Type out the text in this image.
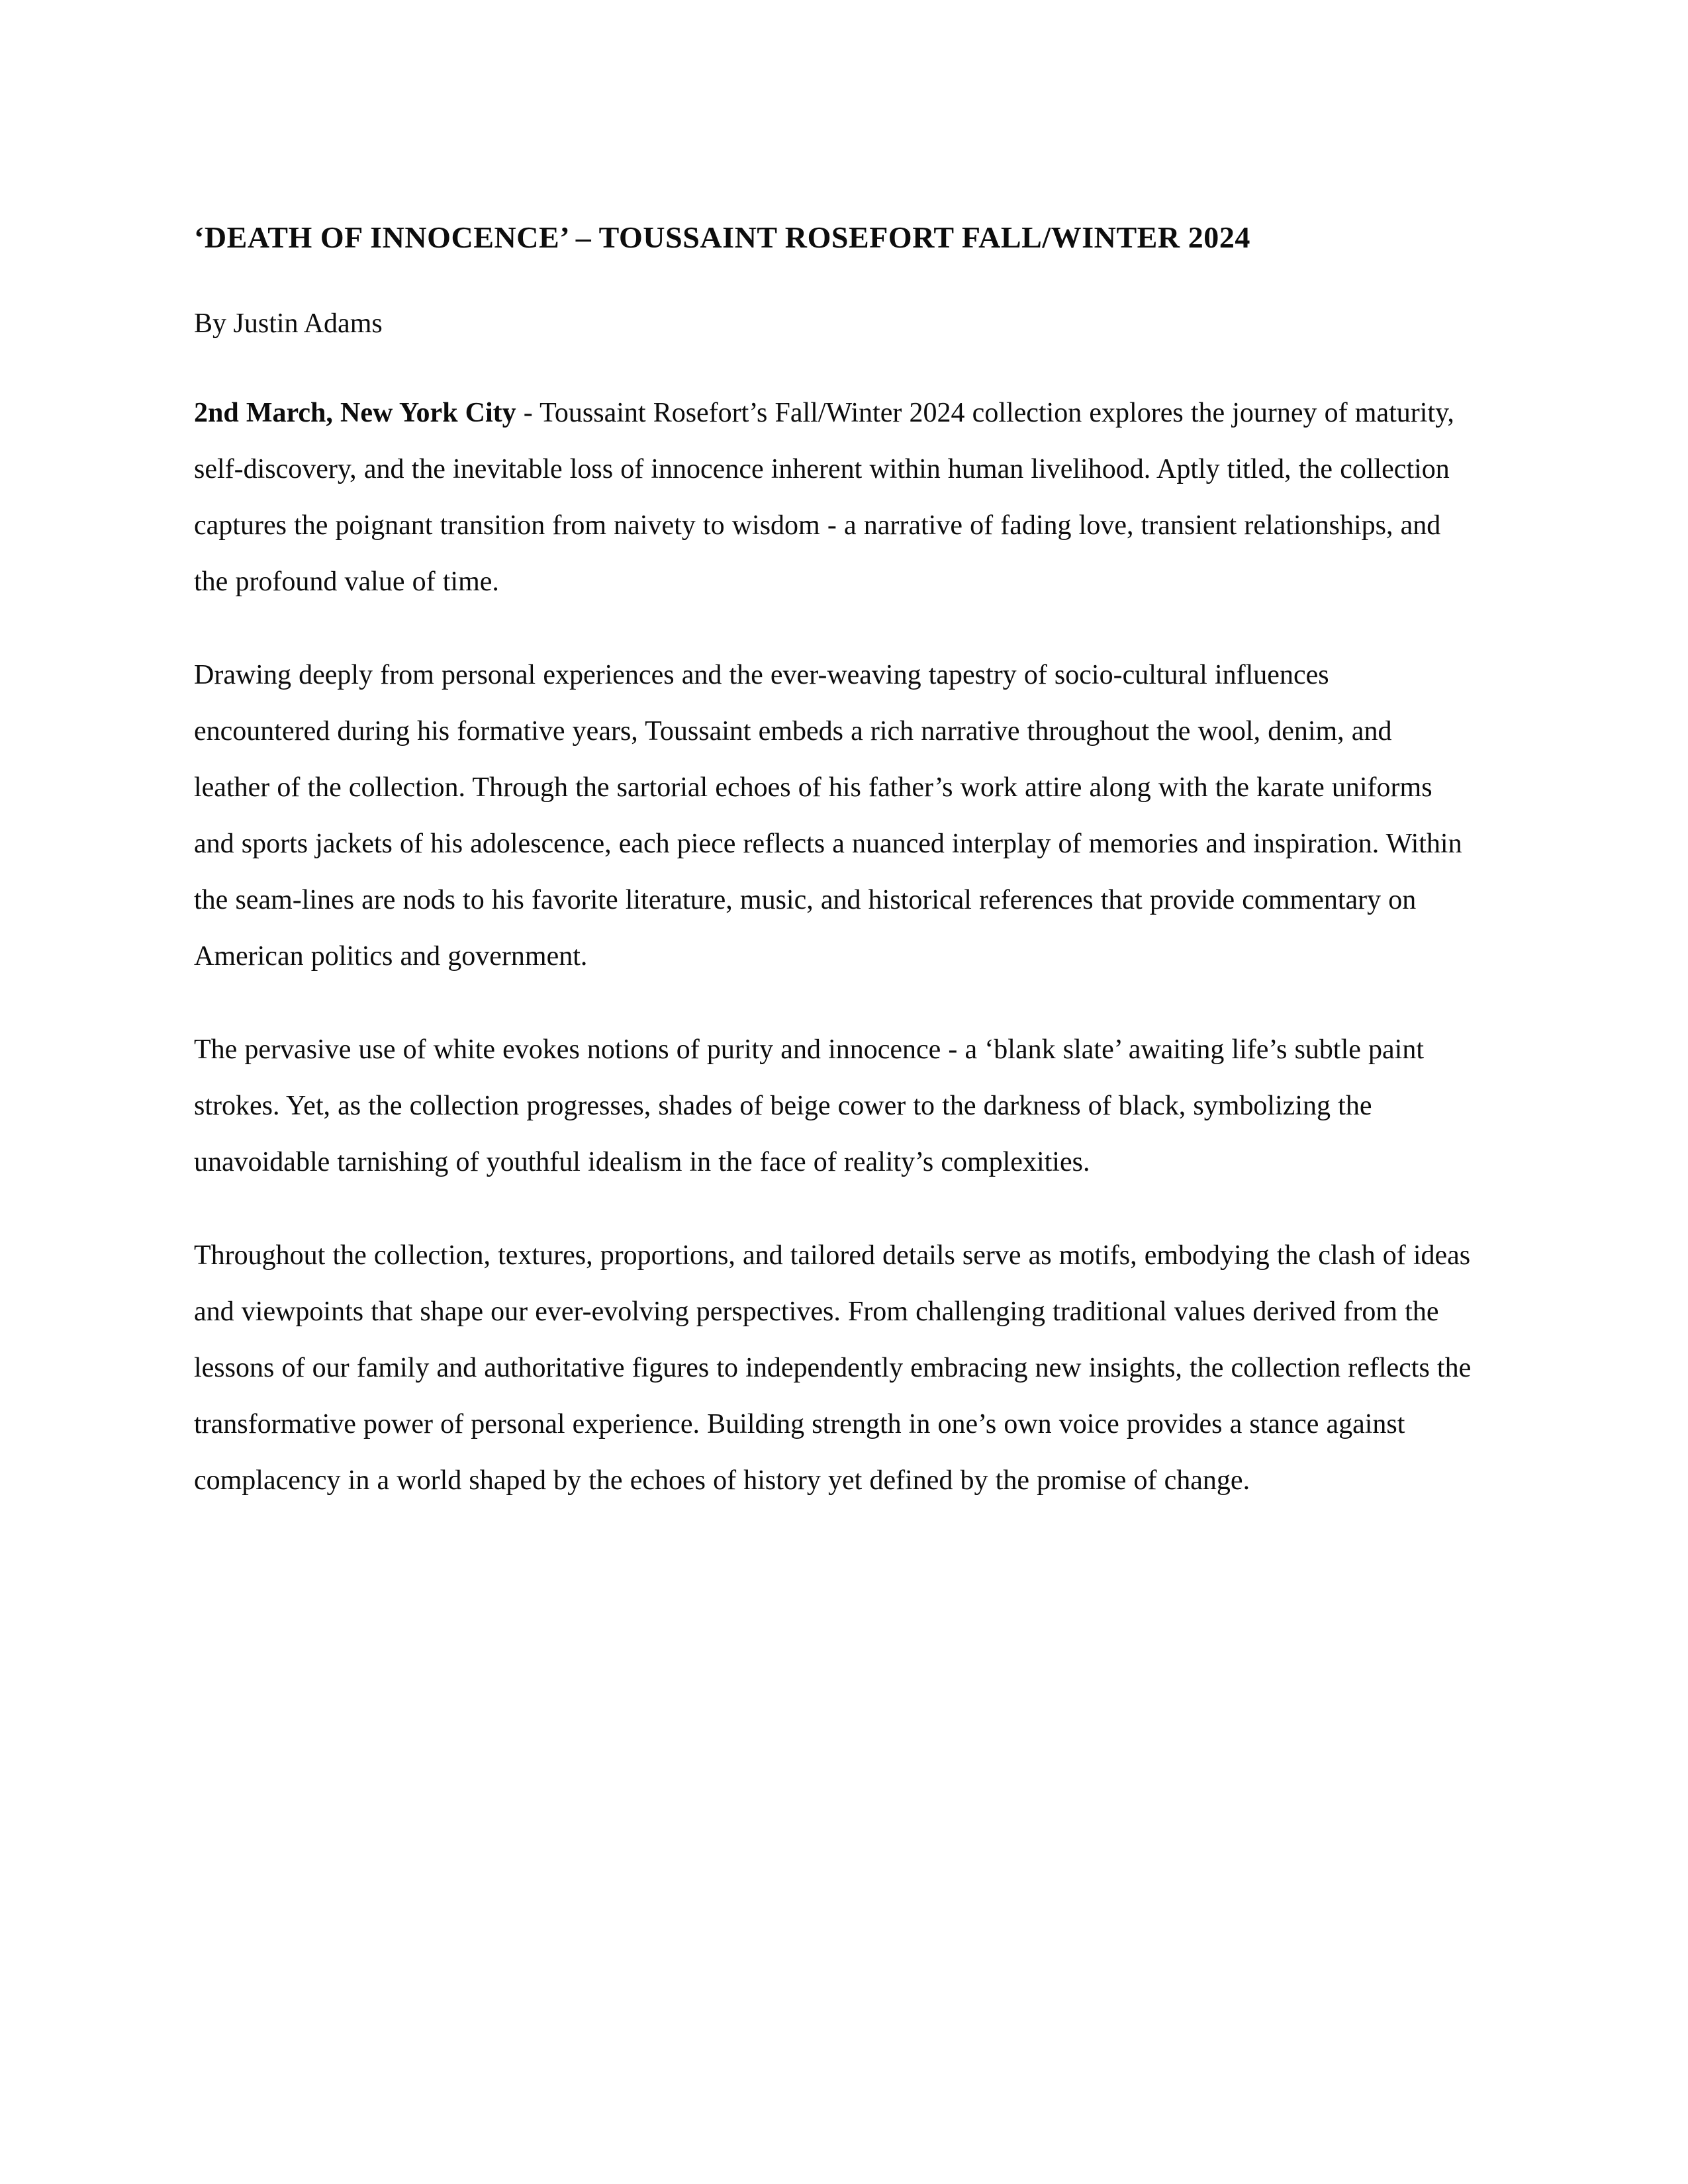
‘DEATH OF INNOCENCE’ – TOUSSAINT ROSEFORT FALL/WINTER 2024

By Justin Adams

2nd March, New York City - Toussaint Rosefort’s Fall/Winter 2024 collection explores the journey of maturity, self-discovery, and the inevitable loss of innocence inherent within human livelihood. Aptly titled, the collection captures the poignant transition from naivety to wisdom - a narrative of fading love, transient relationships, and the profound value of time.

Drawing deeply from personal experiences and the ever-weaving tapestry of socio-cultural influences encountered during his formative years, Toussaint embeds a rich narrative throughout the wool, denim, and leather of the collection. Through the sartorial echoes of his father’s work attire along with the karate uniforms and sports jackets of his adolescence, each piece reflects a nuanced interplay of memories and inspiration. Within the seam-lines are nods to his favorite literature, music, and historical references that provide commentary on American politics and government.

The pervasive use of white evokes notions of purity and innocence - a ‘blank slate’ awaiting life’s subtle paint strokes. Yet, as the collection progresses, shades of beige cower to the darkness of black, symbolizing the unavoidable tarnishing of youthful idealism in the face of reality’s complexities.

Throughout the collection, textures, proportions, and tailored details serve as motifs, embodying the clash of ideas and viewpoints that shape our ever-evolving perspectives. From challenging traditional values derived from the lessons of our family and authoritative figures to independently embracing new insights, the collection reflects the transformative power of personal experience. Building strength in one’s own voice provides a stance against complacency in a world shaped by the echoes of history yet defined by the promise of change.
